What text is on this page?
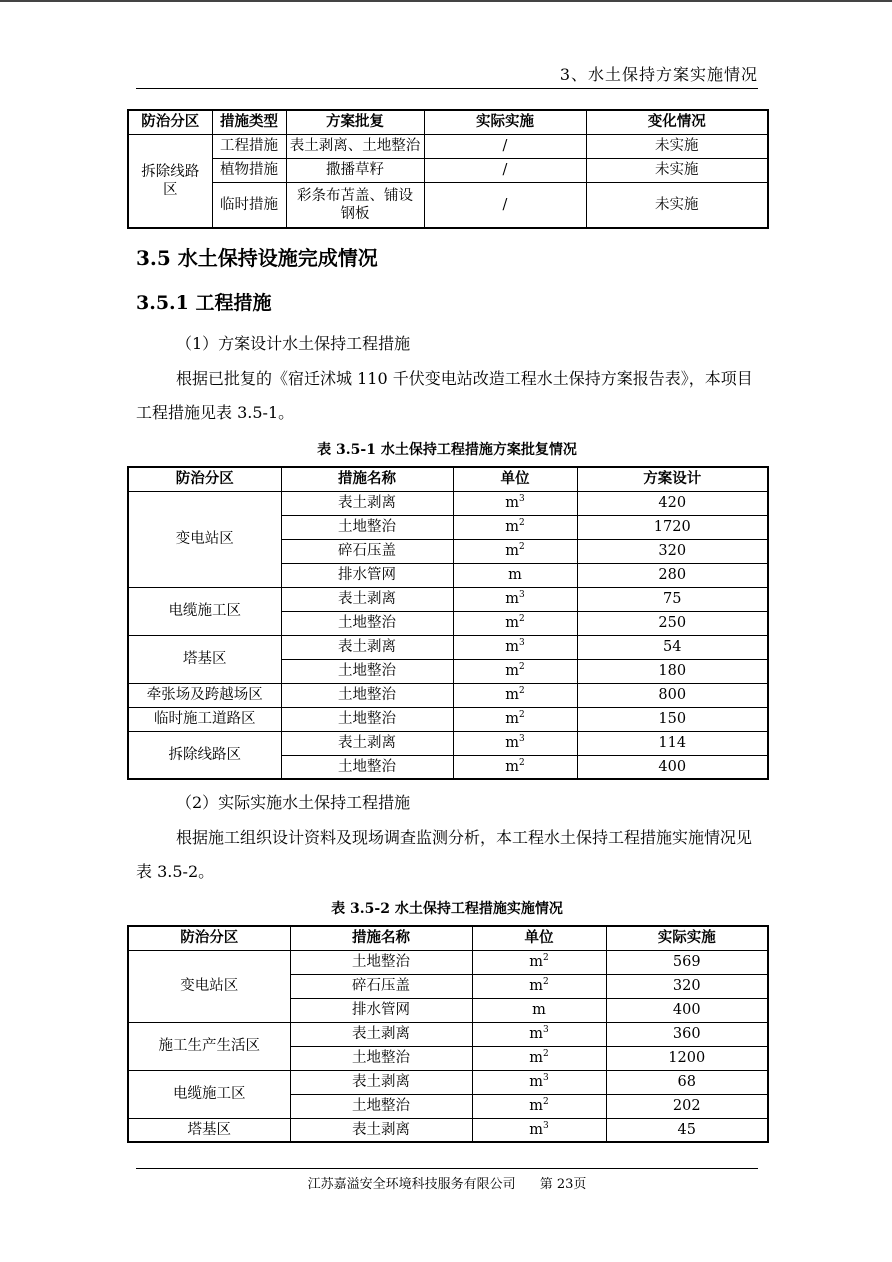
3、水土保持方案实施情况
防治分区	措施类型	方案批复	实际实施	变化情况

拆除线路区	工程措施	表土剥离、土地整治	/	未实施
	植物措施	撒播草籽	/	未实施
	临时措施	彩条布苫盖、铺设钢板	/	未实施
3.5 水土保持设施完成情况
3.5.1 工程措施
（1）方案设计水土保持工程措施
根据已批复的《宿迁沭城 110 千伏变电站改造工程水土保持方案报告表》，本项目工程措施见表 3.5-1。
表 3.5-1 水土保持工程措施方案批复情况
防治分区	措施名称	单位	方案设计
变电站区	表土剥离	$m^3$	420
	土地整治	$m^2$	1720
	碎石压盖	$m^2$	320
	排水管网	m	280
电缆施工区	表土剥离	$m^3$	75
	土地整治	$m^2$	250
塔基区	表土剥离	$m^3$	54
	土地整治	$m^2$	180
牵张场及跨越场区	土地整治	$m^2$	800
临时施工道路区	土地整治	$m^2$	150
拆除线路区	表土剥离	$m^3$	114
	土地整治	$m^2$	400
（2）实际实施水土保持工程措施
根据施工组织设计资料及现场调查监测分析，本工程水土保持工程措施实施情况见表 3.5-2。
表 3.5-2 水土保持工程措施实施情况
防治分区	措施名称	单位	实际实施
变电站区	土地整治	$m^2$	569
	碎石压盖	$m^2$	320
	排水管网	m	400
施工生产生活区	表土剥离	$m^3$	360
	土地整治	$m^2$	1200
电缆施工区	表土剥离	$m^3$	68
	土地整治	$m^2$	202
塔基区	表土剥离	$m^3$	45
江苏嘉溢安全环境科技服务有限公司 第 23页
